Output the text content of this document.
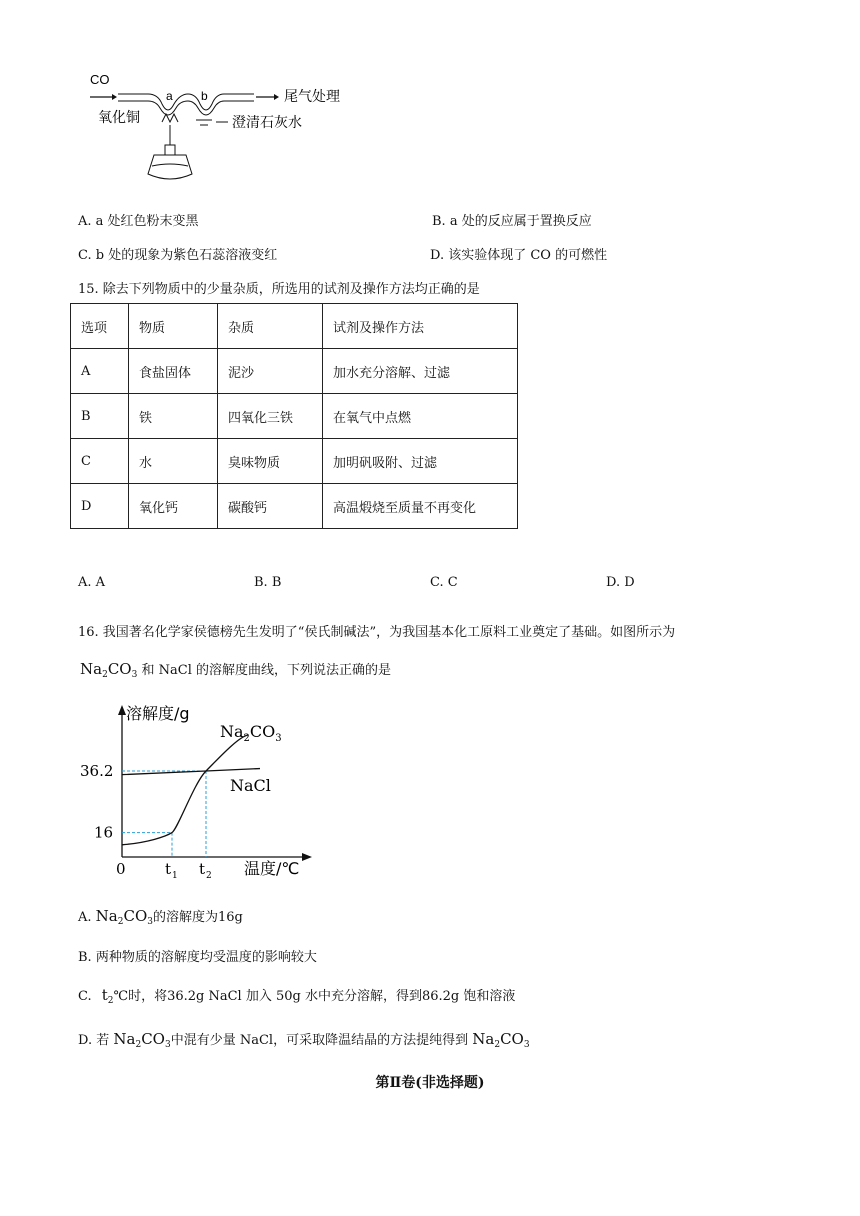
CO
a b	尾气处理
氧化铜	澄清石灰水
A. a 处红色粉末变黑	B. a 处的反应属于置换反应
C. b 处的现象为紫色石蕊溶液变红	D. 该实验体现了 CO 的可燃性
15. 除去下列物质中的少量杂质，所选用的试剂及操作方法均正确的是
选项	物质	杂质	试剂及操作方法
A	食盐固体	泥沙	加水充分溶解、过滤
B	铁	四氧化三铁	在氧气中点燃
C	水	臭味物质	加明矾吸附、过滤
D	氧化钙	碳酸钙	高温煅烧至质量不再变化
A. A	B. B	C. C	D. D
16. 我国著名化学家侯德榜先生发明了“侯氏制碱法”，为我国基本化工原料工业奠定了基础。如图所示为
$Na_2CO_3$ 和 NaCl 的溶解度曲线，下列说法正确的是
溶解度/g
温度/℃
0
36.2
16
t 1 t 2
$Na_2CO_3$
NaCl
A. $Na_2CO_3$的溶解度为16g
B. 两种物质的溶解度均受温度的影响较大
C. $t_2℃$时，将36.2g NaCl 加入 50g 水中充分溶解，得到86.2g 饱和溶液
D. 若 $Na_2CO_3$中混有少量 NaCl，可采取降温结晶的方法提纯得到 $Na_2CO_3$
第Ⅱ卷(非选择题)
